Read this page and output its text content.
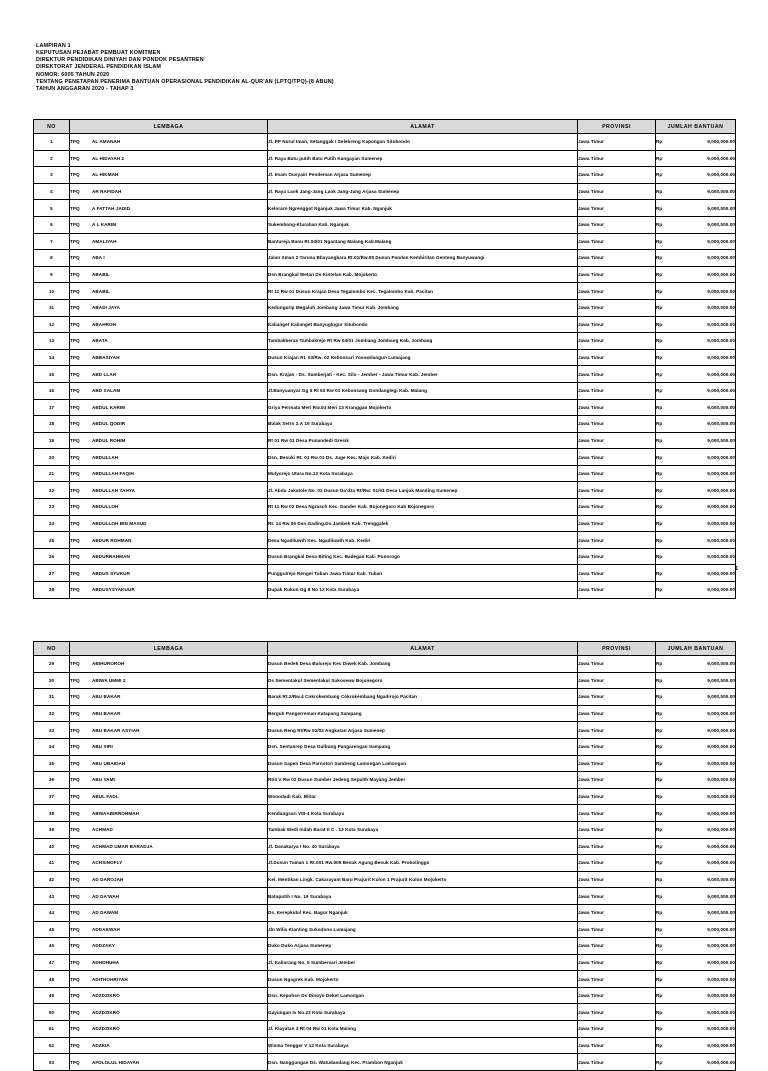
LAMPIRAN 1
KEPUTUSAN PEJABAT PEMBUAT KOMITMEN
DIREKTUR PENDIDIKAN DINIYAH DAN PONDOK PESANTREN
DIREKTORAT JENDERAL PENDIDIKAN ISLAM
NOMOR: 6005 TAHUN 2020
TENTANG PENETAPAN PENERIMA BANTUAN OPERASIONAL PENDIDIKAN AL-QUR'AN (LPTQ/TPQ)-(8 ABUN)
TAHUN ANGGARAN 2020 - TAHAP 3
NO	LEMBAGA	ALAMAT	PROVINSI	JUMLAH BANTUAN
1	TPQ AL AMANAH	Jl. PP Nurul Iman, Setanggak I Selebreng Kapongan Situbondo	Jawa Timur	Rp 9,000,000.00

2	TPQ AL HIDAYAH 2	Jl. Raya Batu putih Batu Putih Kangayan Sumenep	Jawa Timur	Rp 9,000,000.00

3	TPQ AL HIKMAH	Jl. Imam Ousyairi Pendeman Arjasa Sumenep	Jawa Timur	Rp 9,000,000.00

4	TPQ AR RAFIDAH	Jl. Raya Laok Jang-Jang Laok Jang-Jang Arjasa Sumenep	Jawa Timur	Rp 9,000,000.00

5	TPQ A FATTAH JADID	Kelorarn Ngrenggot Nganjuk Jawa Timur Kab. Nganjuk	Jawa Timur	Rp 9,000,000.00

6	TPQ A L KARIM	Sukembong-Klurahan Kab. Nganjuk	Jawa Timur	Rp 9,000,000.00

7	TPQ AMALIYAH	Bantureja Banu Rt.04/01 Ngantang Malang Kab.Malang	Jawa Timur	Rp 9,000,000.00

8	TPQ ABA I	Jalan Sman 2 Taruna Bhayangkara Rt.01/Rw.05 Dusun Pandan Kembiritan Genteng Banyuwangi	Jawa Timur	Rp 9,000,000.00

9	TPQ ABABIL	Dsn Brangkal Wetan Ds Kintelan Kab. Mojokerto	Jawa Timur	Rp 9,000,000.00

10	TPQ ABABIL	Rt 11 Rw 01 Dusun Krajan Desa Tegalombo Kec. Tegalombo Kab. Pacitan	Jawa Timur	Rp 9,000,000.00

11	TPQ ABADI JAYA	Kedungurip Megaluh Jombang Jawa Timur Kab. Jombang	Jawa Timur	Rp 9,000,000.00

12	TPQ ABAHROH	Kalianget Kalianget Banyuglugur Situbondo	Jawa Timur	Rp 9,000,000.00

13	TPQ ABATA	Tambakberas Tambakrejo Rt Rw 04/01 Jombang Jombang Kab. Jombang	Jawa Timur	Rp 9,000,000.00

14	TPQ ABBASIYAH	Dusun Krajan Rt. 03/Rw. 02 Kebonsari Yosowilangun Lumajang	Jawa Timur	Rp 9,000,000.00

15	TPQ ABD LLAH	Dsn. Krajan - Ds. Sumberjati - Kec. Silo - Jember - Jawa Timur Kab. Jember	Jawa Timur	Rp 9,000,000.00

16	TPQ ABD SALAM	Jl.Banyuanyar Gg 5 Rt 03 Rw 01 Kebonsang Gondanglegi Kab. Malang	Jawa Timur	Rp 9,000,000.00

17	TPQ ABDUL KARIM	Griya Permata Meri Rw.04 Meri 13 Kranggan Mojokerto	Jawa Timur	Rp 9,000,000.00

18	TPQ ABDUL QODIR	Bulak Setro 2.A 19 Surabaya	Jawa Timur	Rp 9,000,000.00

19	TPQ ABDUL ROHIM	Rt 01 Rw 01 Desa Punandedi Gresik	Jawa Timur	Rp 9,000,000.00

20	TPQ ABDULLAH	Dsn. Besuki Rt. 01 Rw 01 Ds. Juge Kec. Mojo Kab. Kediri	Jawa Timur	Rp 9,000,000.00

21	TPQ ABDULLAH FAQIH	Mulyorejo Utara No.13 Kota Surabaya	Jawa Timur	Rp 9,000,000.00

22	TPQ ABDULLAH YAHYA	Jl. Abdu Jakatole No. 02 Dusun Da'dza Rt/Rw: 01/01 Desa Lanjuk Manding Sumenep	Jawa Timur	Rp 9,000,000.00

23	TPQ ABDULLOH	Rt 11 Rw 02 Desa Ngrasch Kec. Dander Kab. Bojonegoro Kab Bojonegoro	Jawa Timur	Rp 9,000,000.00

24	TPQ ABDULLOH BIN MASUD	Rt. 14 Rw 05 Dsn.Gading.Ds.Jambek Kab. Trenggalek	Jawa Timur	Rp 9,000,000.00

25	TPQ ABDUR ROHMAN	Desa Ngadiluwih Kec. Ngadiluwih Kab. Kediri	Jawa Timur	Rp 9,000,000.00

26	TPQ ABDURRAHMAN	Dusun Brangkal Desa Biting Kec. Badegan Kab. Ponorogo	Jawa Timur	Rp 9,000,000.00

27	TPQ ABDUS SYUKUR	Punggulrejo Rengel Tuban Jawa Timur Kab. Tuban	Jawa Timur	Rp 9,000,000.00

28	TPQ ABDUSYSYAKUUR	Dupak Rukun Gg 8 No 12 Kota Surabaya	Jawa Timur	Rp 9,000,000.00
1
NO	LEMBAGA	ALAMAT	PROVINSI	JUMLAH BANTUAN
29	TPQ ABIHUROROH	Dusun Bedek Desa Bulurejo Kec Diwek Kab. Jombang	Jawa Timur	Rp 9,000,000.00

30	TPQ ABIWA UMMI 2	Ds Sementakul Sementakul Sukosewu Bojonegoro	Jawa Timur	Rp 9,000,000.00

31	TPQ ABU BAKAR	Barak Rt.2/Rw.4 Cokrokembang Cokrokembang Ngadirojo Pacitan	Jawa Timur	Rp 9,000,000.00

32	TPQ ABU BAKAR	Berguh Pangerreman Katapang Sampang	Jawa Timur	Rp 9,000,000.00

33	TPQ ABU BAKAR ASYIAH	Dusun Reng Rt/Rw 02/02 Angkatan Arjasa Sumenep	Jawa Timur	Rp 9,000,000.00

34	TPQ ABU SIRI	Dsn. Sentanrep Desa Gulbung Pangarengan Sampang	Jawa Timur	Rp 9,000,000.00

35	TPQ ABU UBAIDAH	Dusun Sapen Desa Parnoton Sambeng Lamongan Lamongan	Jawa Timur	Rp 9,000,000.00

36	TPQ ABU YAMI	Rt/4 V Rw 02 Dusun Sumber Jedeng Sepulth Mayang Jember	Jawa Timur	Rp 9,000,000.00

37	TPQ ABUL FADL	Wonodadi Kab. Blitar	Jawa Timur	Rp 9,000,000.00

38	TPQ ABWAABIRROHMAH	Kendangsari VIII-4 Kota Surabaya	Jawa Timur	Rp 9,000,000.00

39	TPQ ACHMAD	Tambak Wedi Indah Barat II C . 13 Kota Surabaya	Jawa Timur	Rp 9,000,000.00

40	TPQ ACHMAD UMAR BARADJA	Jl. Danakarya I No. 40 Surabaya	Jawa Timur	Rp 9,000,000.00

41	TPQ ACHSINOFLY	Jl.Dusun Taman 1 Rt.001 Rw.005 Besuk Agung Besuk Kab. Probolinggo	Jawa Timur	Rp 9,000,000.00

42	TPQ AD DAROJAH	Kel. Mentikan Lingk. Cakarayam Baru Prajurit Kulon 1 Prajurit Kulon Mojokerto	Jawa Timur	Rp 9,000,000.00

43	TPQ AD DA'WAH	Batuputih I No. 19 Surabaya	Jawa Timur	Rp 9,000,000.00

44	TPQ AD DAWAM	Ds. Kerepkidul Kec. Bagor Nganjuk	Jawa Timur	Rp 9,000,000.00

45	TPQ ADDAKWAH	Jln Wilis Klanting Sukodono Lumajang	Jawa Timur	Rp 9,000,000.00

46	TPQ ADDZAKY	Duko Duko Arjasa Sumenep	Jawa Timur	Rp 9,000,000.00

47	TPQ ADHDHUHA	Jl. Kaliurang No. 5 Sumbersari Jember	Jawa Timur	Rp 9,000,000.00

48	TPQ ADITHOHRIYAH	Dusun Ngagrek Kab. Mojokerto	Jawa Timur	Rp 9,000,000.00

49	TPQ ADZDZIKRO	Dsn. Kepuhsn Ds Dinoyo Deket Lamongan	Jawa Timur	Rp 9,000,000.00

50	TPQ ADZDZIKRO	Gayungan Iv No.23 Kota Surabaya	Jawa Timur	Rp 9,000,000.00

51	TPQ ADZDZIKRO	Jl. Klayatan 3 Rt 04 Rw 01 Kota Malang	Jawa Timur	Rp 9,000,000.00

52	TPQ ADZKIA	Wisma Tengger V 12 Kota Surabaya	Jawa Timur	Rp 9,000,000.00

53	TPQ AFDLOLUL HIDAYAH	Dsn. Nanggungan Ds. Watudandang Kec. Prambon Nganjuk	Jawa Timur	Rp 9,000,000.00
